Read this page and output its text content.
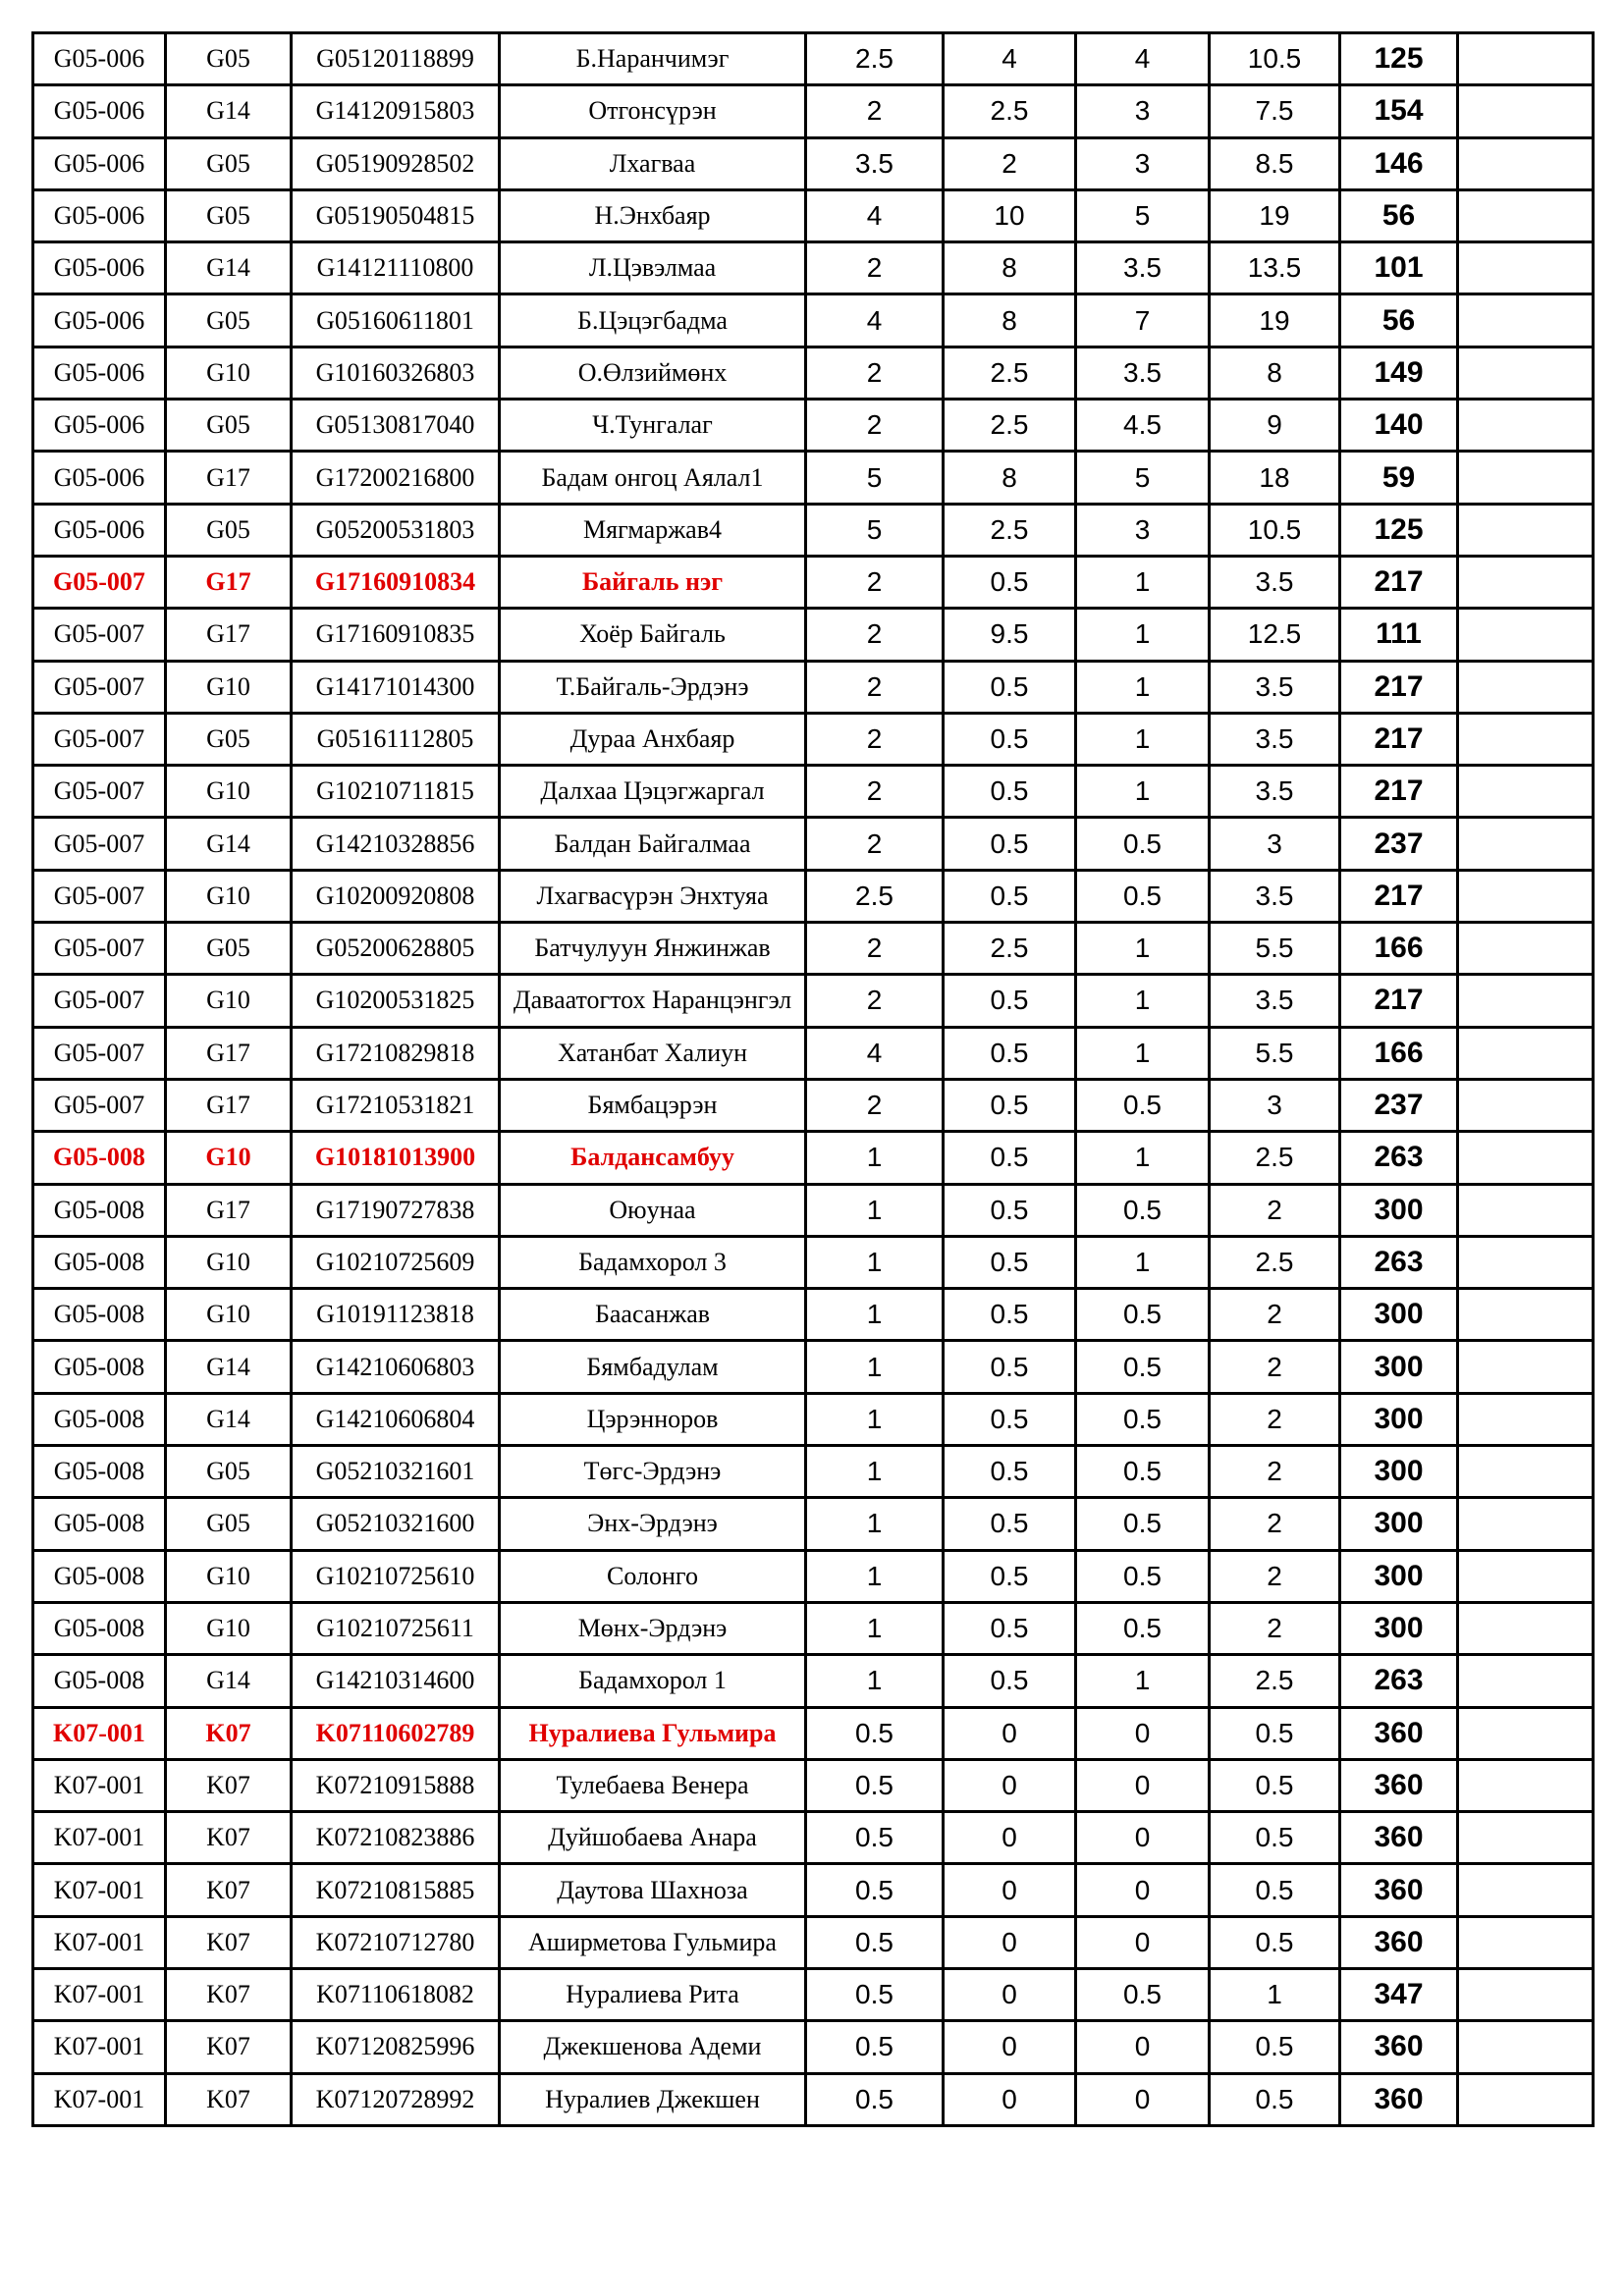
G05-006	G05	G05120118899	Б.Наранчимэг	2.5	4	4	10.5	125	
G05-006	G14	G14120915803	Отгонсүрэн	2	2.5	3	7.5	154	
G05-006	G05	G05190928502	Лхагваа	3.5	2	3	8.5	146	
G05-006	G05	G05190504815	Н.Энхбаяр	4	10	5	19	56	
G05-006	G14	G14121110800	Л.Цэвэлмаа	2	8	3.5	13.5	101	
G05-006	G05	G05160611801	Б.Цэцэгбадма	4	8	7	19	56	
G05-006	G10	G10160326803	О.Өлзиймөнх	2	2.5	3.5	8	149	
G05-006	G05	G05130817040	Ч.Тунгалаг	2	2.5	4.5	9	140	
G05-006	G17	G17200216800	Бадам онгоц Аялал1	5	8	5	18	59	
G05-006	G05	G05200531803	Мягмаржав4	5	2.5	3	10.5	125	
G05-007	G17	G17160910834	Байгаль нэг	2	0.5	1	3.5	217	
G05-007	G17	G17160910835	Хоёр Байгаль	2	9.5	1	12.5	111	
G05-007	G10	G14171014300	Т.Байгаль-Эрдэнэ	2	0.5	1	3.5	217	
G05-007	G05	G05161112805	Дураа Анхбаяр	2	0.5	1	3.5	217	
G05-007	G10	G10210711815	Далхаа Цэцэгжаргал	2	0.5	1	3.5	217	
G05-007	G14	G14210328856	Балдан Байгалмаа	2	0.5	0.5	3	237	
G05-007	G10	G10200920808	Лхагвасүрэн Энхтуяа	2.5	0.5	0.5	3.5	217	
G05-007	G05	G05200628805	Батчулуун Янжинжав	2	2.5	1	5.5	166	
G05-007	G10	G10200531825	Даваатогтох Наранцэнгэл	2	0.5	1	3.5	217	
G05-007	G17	G17210829818	Хатанбат Халиун	4	0.5	1	5.5	166	
G05-007	G17	G17210531821	Бямбацэрэн	2	0.5	0.5	3	237	
G05-008	G10	G10181013900	Балдансамбуу	1	0.5	1	2.5	263	
G05-008	G17	G17190727838	Оюунаа	1	0.5	0.5	2	300	
G05-008	G10	G10210725609	Бадамхорол 3	1	0.5	1	2.5	263	
G05-008	G10	G10191123818	Баасанжав	1	0.5	0.5	2	300	
G05-008	G14	G14210606803	Бямбадулам	1	0.5	0.5	2	300	
G05-008	G14	G14210606804	Цэрэнноров	1	0.5	0.5	2	300	
G05-008	G05	G05210321601	Төгс-Эрдэнэ	1	0.5	0.5	2	300	
G05-008	G05	G05210321600	Энх-Эрдэнэ	1	0.5	0.5	2	300	
G05-008	G10	G10210725610	Солонго	1	0.5	0.5	2	300	
G05-008	G10	G10210725611	Мөнх-Эрдэнэ	1	0.5	0.5	2	300	
G05-008	G14	G14210314600	Бадамхорол 1	1	0.5	1	2.5	263	
K07-001	K07	K07110602789	Нуралиева Гульмира	0.5	0	0	0.5	360	
K07-001	K07	K07210915888	Тулебаева Венера	0.5	0	0	0.5	360	
K07-001	K07	K07210823886	Дуйшобаева Анара	0.5	0	0	0.5	360	
K07-001	K07	K07210815885	Даутова Шахноза	0.5	0	0	0.5	360	
K07-001	K07	K07210712780	Аширметова Гульмира	0.5	0	0	0.5	360	
K07-001	K07	K07110618082	Нуралиева Рита	0.5	0	0.5	1	347	
K07-001	K07	K07120825996	Джекшенова Адеми	0.5	0	0	0.5	360	
K07-001	K07	K07120728992	Нуралиев Джекшен	0.5	0	0	0.5	360	
